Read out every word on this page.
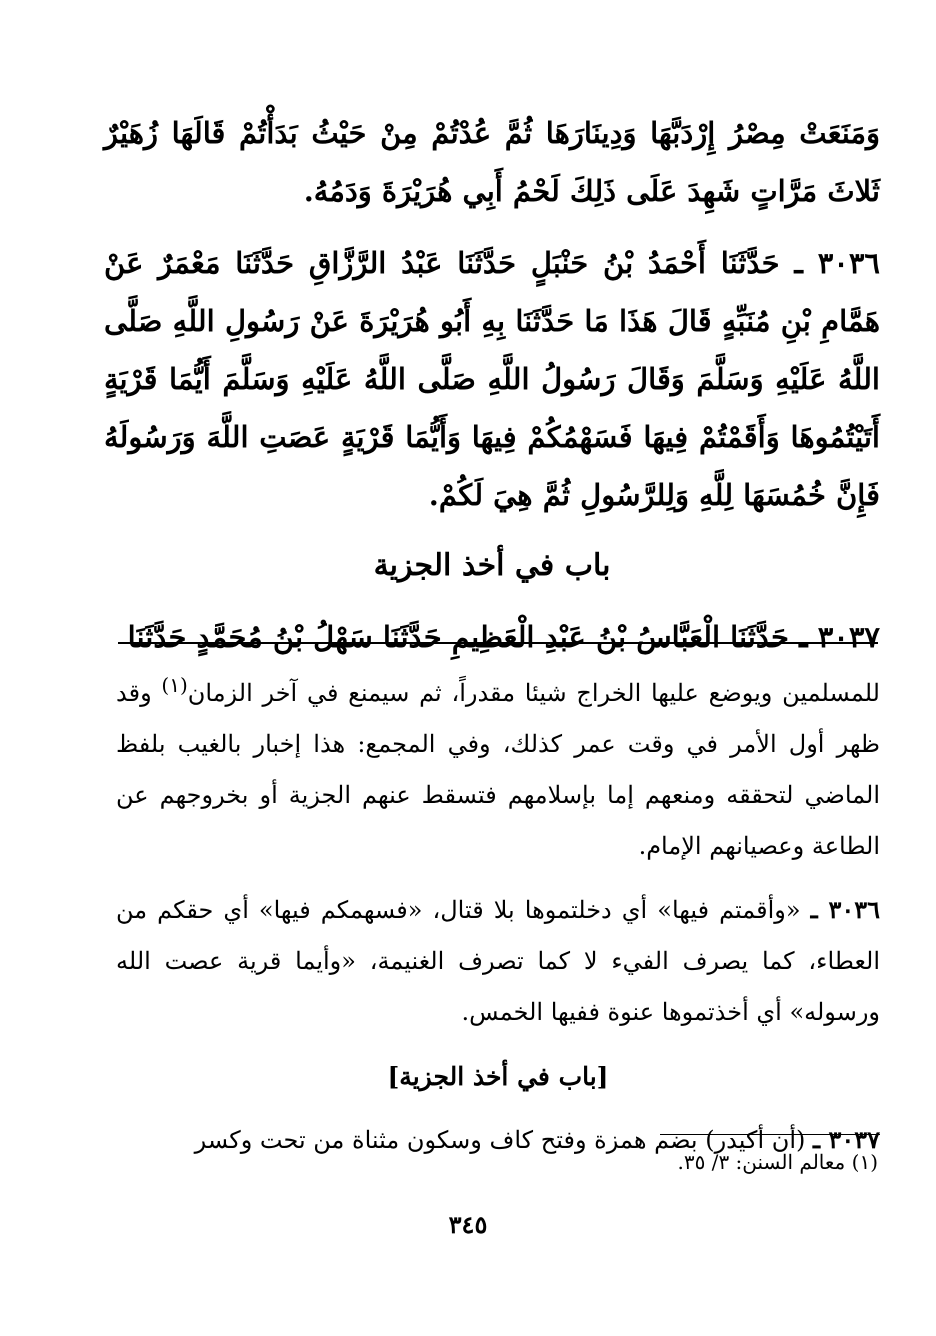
وَمَنَعَتْ مِصْرُ إِرْدَبَّهَا وَدِينَارَهَا ثُمَّ عُدْتُمْ مِنْ حَيْثُ بَدَأْتُمْ قَالَهَا زُهَيْرٌ ثَلاثَ مَرَّاتٍ شَهِدَ عَلَى ذَلِكَ لَحْمُ أَبِي هُرَيْرَةَ وَدَمُهُ.

٣٠٣٦ ـ حَدَّثَنَا أَحْمَدُ بْنُ حَنْبَلٍ حَدَّثَنَا عَبْدُ الرَّزَّاقِ حَدَّثَنَا مَعْمَرٌ عَنْ هَمَّامِ بْنِ مُنَبِّهٍ قَالَ هَذَا مَا حَدَّثَنَا بِهِ أَبُو هُرَيْرَةَ عَنْ رَسُولِ اللَّهِ صَلَّى اللَّهُ عَلَيْهِ وَسَلَّمَ وَقَالَ رَسُولُ اللَّهِ صَلَّى اللَّهُ عَلَيْهِ وَسَلَّمَ أَيُّمَا قَرْيَةٍ أَتَيْتُمُوهَا وَأَقَمْتُمْ فِيهَا فَسَهْمُكُمْ فِيهَا وَأَيُّمَا قَرْيَةٍ عَصَتِ اللَّهَ وَرَسُولَهُ فَإِنَّ خُمُسَهَا لِلَّهِ وَلِلرَّسُولِ ثُمَّ هِيَ لَكُمْ.

باب في أخذ الجزية

٣٠٣٧ ـ حَدَّثَنَا الْعَبَّاسُ بْنُ عَبْدِ الْعَظِيمِ حَدَّثَنَا سَهْلُ بْنُ مُحَمَّدٍ حَدَّثَنَا

للمسلمين ويوضع عليها الخراج شيئا مقدراً، ثم سيمنع في آخر الزمان$^{(١)}$ وقد ظهر أول الأمر في وقت عمر كذلك، وفي المجمع: هذا إخبار بالغيب بلفظ الماضي لتحققه ومنعهم إما بإسلامهم فتسقط عنهم الجزية أو بخروجهم عن الطاعة وعصيانهم الإمام.

٣٠٣٦ ـ «وأقمتم فيها» أي دخلتموها بلا قتال، «فسهمكم فيها» أي حقكم من العطاء، كما يصرف الفيء لا كما تصرف الغنيمة، «وأيما قرية عصت الله ورسوله» أي أخذتموها عنوة ففيها الخمس.

[باب في أخذ الجزية]

٣٠٣٧ ـ (أن أكيدر) بضم همزة وفتح كاف وسكون مثناة من تحت وكسر

(١) معالم السنن: ٣/ ٣٥.
٣٤٥
